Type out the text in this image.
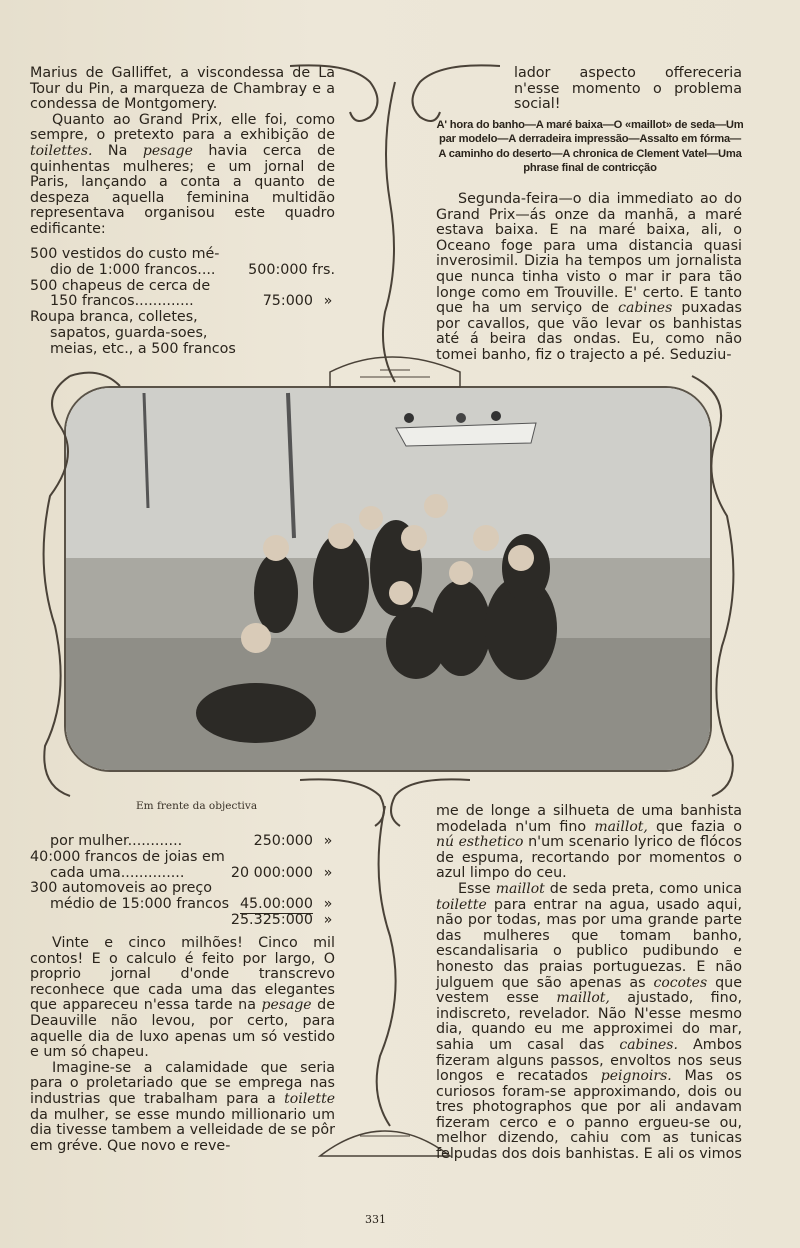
Marius de Galliffet, a viscondessa de La Tour du Pin, a marqueza de Chambray e a condessa de Montgomery.

Quanto ao Grand Prix, elle foi, como sempre, o pretexto para a exhibição de toilettes. Na pesage havia cerca de quinhentas mulheres; e um jornal de Paris, lançando a conta a quanto de despeza aquella feminina multidão representava organisou este quadro edificante:

500 vestidos do custo mé-
dio de 1:000 francos.... 500:000 frs.
500 chapeus de cerca de
150 francos.............	75:000 »
Roupa branca, colletes,
sapatos, guarda-soes,
meias, etc., a 500 francos

lador aspecto offereceria n'esse momento o problema social!

A' hora do banho—A maré baixa—O «maillot» de seda—Um par modelo—A derradeira impressão—Assalto em fórma—A caminho do deserto—A chronica de Clement Vatel—Uma phrase final de contricção

Segunda-feira—o dia immediato ao do Grand Prix—ás onze da manhã, a maré estava baixa. E na maré baixa, ali, o Oceano foge para uma distancia quasi inverosimil. Dizia ha tempos um jornalista que nunca tinha visto o mar ir para tão longe como em Trouville. E' certo. E tanto que ha um serviço de cabines puxadas por cavallos, que vão levar os banhistas até á beira das ondas. Eu, como não tomei banho, fiz o trajecto a pé. Seduziu-

Em frente da objectiva
por mulher............	250:000 »
40:000 francos de joias em
cada uma..............	20 000:000 »
300 automoveis ao preço
médio de 15:000 francos 45.00:000 »
25.325:000 »

Vinte e cinco milhões! Cinco mil contos! E o calculo é feito por largo, O proprio jornal d'onde transcrevo reconhece que cada uma das elegantes que appareceu n'essa tarde na pesage de Deauville não levou, por certo, para aquelle dia de luxo apenas um só vestido e um só chapeu.

Imagine-se a calamidade que seria para o proletariado que se emprega nas industrias que trabalham para a toilette da mulher, se esse mundo millionario um dia tivesse tambem a velleidade de se pôr em gréve. Que novo e reve-

me de longe a silhueta de uma banhista modelada n'um fino maillot, que fazia o nú esthetico n'um scenario lyrico de flócos de espuma, recortando por momentos o azul limpo do ceu.

Esse maillot de seda preta, como unica toilette para entrar na agua, usado aqui, não por todas, mas por uma grande parte das mulheres que tomam banho, escandalisaria o publico pudibundo e honesto das praias portuguezas. E não julguem que são apenas as cocotes que vestem esse maillot, ajustado, fino, indiscreto, revelador. Não N'esse mesmo dia, quando eu me approximei do mar, sahia um casal das cabines. Ambos fizeram alguns passos, envoltos nos seus longos e recatados peignoirs. Mas os curiosos foram-se approximando, dois ou tres photographos que por ali andavam fizeram cerco e o panno ergueu-se ou, melhor dizendo, cahiu com as tunicas felpudas dos dois banhistas. E ali os vimos

331
